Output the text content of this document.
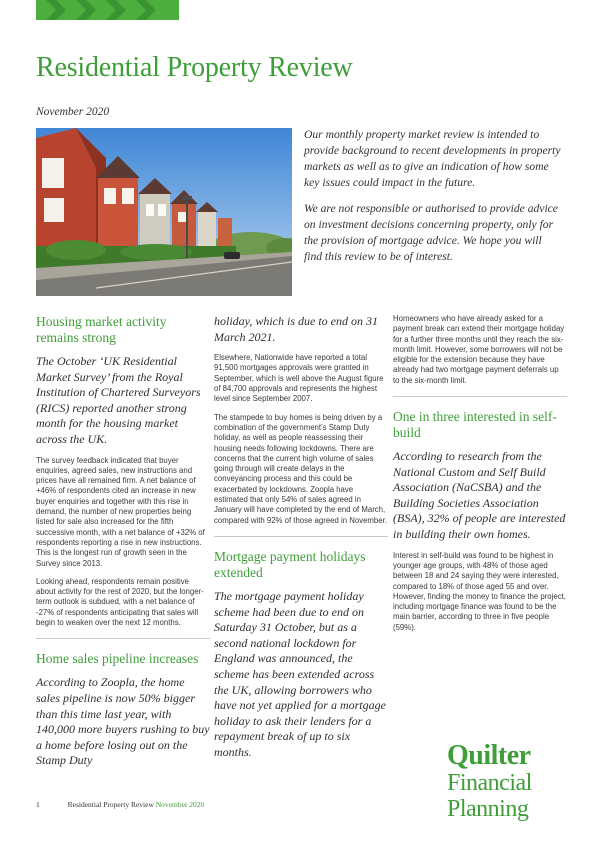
Residential Property Review
November 2020

Our monthly property market review is intended to provide background to recent developments in property markets as well as to give an indication of how some key issues could impact in the future.

We are not responsible or authorised to provide advice on investment decisions concerning property, only for the provision of mortgage advice. We hope you will find this review to be of interest.

Housing market activity remains strong

The October ‘UK Residential Market Survey’ from the Royal Institution of Chartered Surveyors (RICS) reported another strong month for the housing market across the UK.

The survey feedback indicated that buyer enquiries, agreed sales, new instructions and prices have all remained firm. A net balance of +46% of respondents cited an increase in new buyer enquiries and together with this rise in demand, the number of new properties being listed for sale also increased for the fifth successive month, with a net balance of +32% of respondents reporting a rise in new instructions. This is the longest run of growth seen in the Survey since 2013.

Looking ahead, respondents remain positive about activity for the rest of 2020, but the longer-term outlook is subdued, with a net balance of -27% of respondents anticipating that sales will begin to weaken over the next 12 months.

Home sales pipeline increases

According to Zoopla, the home sales pipeline is now 50% bigger than this time last year, with 140,000 more buyers rushing to buy a home before losing out on the Stamp Duty

holiday, which is due to end on 31 March 2021.

Elsewhere, Nationwide have reported a total 91,500 mortgages approvals were granted in September, which is well above the August figure of 84,700 approvals and represents the highest level since September 2007.

The stampede to buy homes is being driven by a combination of the government’s Stamp Duty holiday, as well as people reassessing their housing needs following lockdowns. There are concerns that the current high volume of sales going through will create delays in the conveyancing process and this could be exacerbated by lockdowns. Zoopla have estimated that only 54% of sales agreed in January will have completed by the end of March, compared with 92% of those agreed in November.

Mortgage payment holidays extended

The mortgage payment holiday scheme had been due to end on Saturday 31 October, but as a second national lockdown for England was announced, the scheme has been extended across the UK, allowing borrowers who have not yet applied for a mortgage holiday to ask their lenders for a repayment break of up to six months.

Homeowners who have already asked for a payment break can extend their mortgage holiday for a further three months until they reach the six-month limit. However, some borrowers will not be eligible for the extension because they have already had two mortgage payment deferrals up to the six-month limit.

One in three interested in self-build

According to research from the National Custom and Self Build Association (NaCSBA) and the Building Societies Association (BSA), 32% of people are interested in building their own homes.

Interest in self-build was found to be highest in younger age groups, with 48% of those aged between 18 and 24 saying they were interested, compared to 18% of those aged 55 and over. However, finding the money to finance the project, including mortgage finance was found to be the main barrier, according to three in five people (59%).

Quilter
Financial
Planning
1	Residential Property Review November 2020
